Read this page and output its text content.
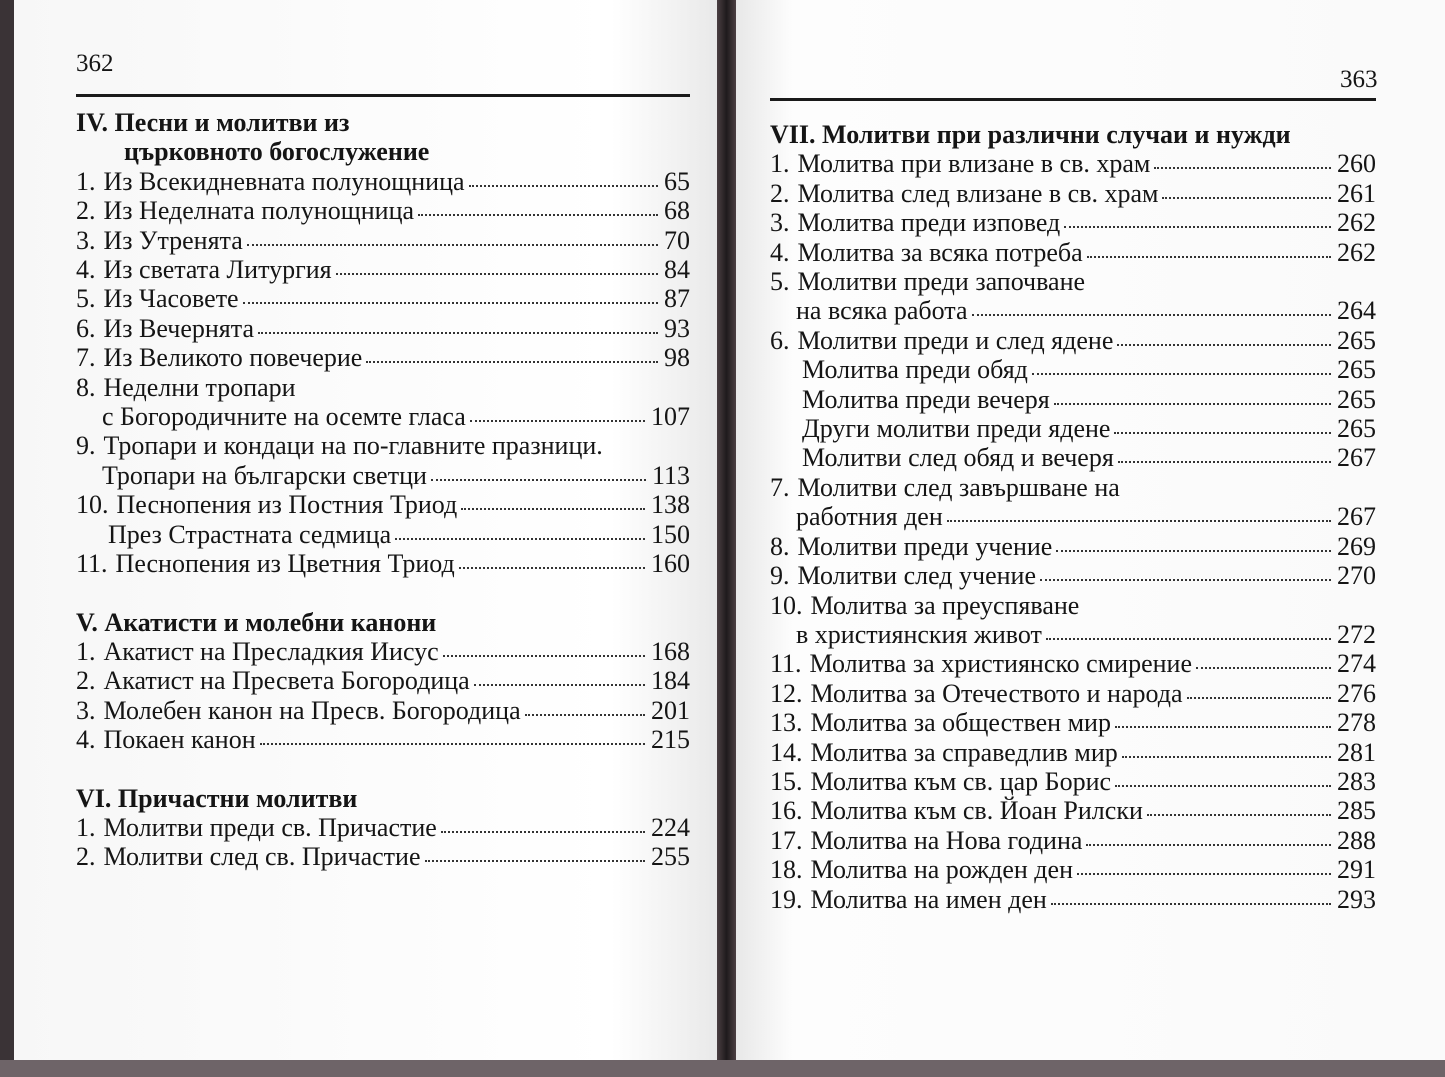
362
IV. Песни и молитви из
църковното богослужение
1. Из Всекидневната полунощница	65
2. Из Неделната полунощница	68
3. Из Утренята	70
4. Из светата Литургия	84
5. Из Часовете	87
6. Из Вечернята	93
7. Из Великото повечерие	98
8. Неделни тропари
с Богородичните на осемте гласа	107
9. Тропари и кондаци на по-главните празници.
Тропари на български светци	113
10. Песнопения из Постния Триод	138
През Страстната седмица	150
11. Песнопения из Цветния Триод	160
V. Акатисти и молебни канони
1. Акатист на Пресладкия Иисус	168
2. Акатист на Пресвета Богородица	184
3. Молебен канон на Пресв. Богородица	201
4. Покаен канон	215
VI. Причастни молитви
1. Молитви преди св. Причастие	224
2. Молитви след св. Причастие	255
363
VII. Молитви при различни случаи и нужди
1. Молитва при влизане в св. храм	260
2. Молитва след влизане в св. храм	261
3. Молитва преди изповед	262
4. Молитва за всяка потреба	262
5. Молитви преди започване
на всяка работа	264
6. Молитви преди и след ядене	265
Молитва преди обяд	265
Молитва преди вечеря	265
Други молитви преди ядене	265
Молитви след обяд и вечеря	267
7. Молитви след завършване на
работния ден	267
8. Молитви преди учение	269
9. Молитви след учение	270
10. Молитва за преуспяване
в християнския живот	272
11. Молитва за християнско смирение	274
12. Молитва за Отечеството и народа	276
13. Молитва за обществен мир	278
14. Молитва за справедлив мир	281
15. Молитва към св. цар Борис	283
16. Молитва към св. Йоан Рилски	285
17. Молитва на Нова година	288
18. Молитва на рожден ден	291
19. Молитва на имен ден	293
